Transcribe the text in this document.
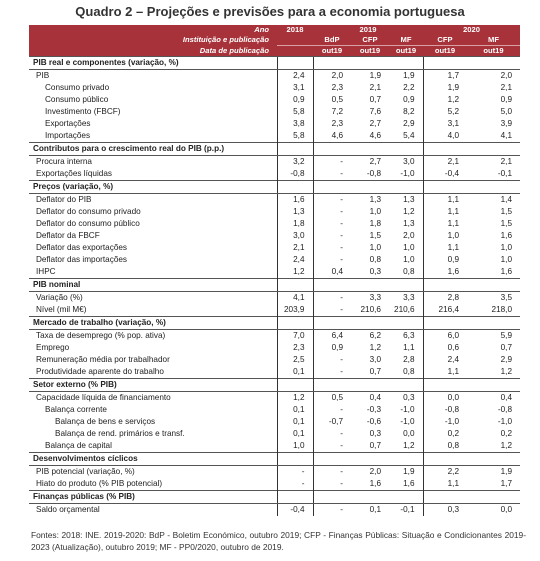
Quadro 2 – Projeções e previsões para a economia portuguesa
Ano	2018	2019			2020	
Instituição e publicação		BdP	CFP	MF	CFP	MF
Data de publicação		out19	out19	out19	out19	out19
PIB real e componentes (variação, %)						
PIB	2,4	2,0	1,9	1,9	1,7	2,0
Consumo privado	3,1	2,3	2,1	2,2	1,9	2,1
Consumo público	0,9	0,5	0,7	0,9	1,2	0,9
Investimento (FBCF)	5,8	7,2	7,6	8,2	5,2	5,0
Exportações	3,8	2,3	2,7	2,9	3,1	3,9
Importações	5,8	4,6	4,6	5,4	4,0	4,1
Contributos para o crescimento real do PIB (p.p.)						
Procura interna	3,2	-	2,7	3,0	2,1	2,1
Exportações líquidas	-0,8	-	-0,8	-1,0	-0,4	-0,1
Preços (variação, %)						
Deflator do PIB	1,6	-	1,3	1,3	1,1	1,4
Deflator do consumo privado	1,3	-	1,0	1,2	1,1	1,5
Deflator do consumo público	1,8	-	1,8	1,3	1,1	1,5
Deflator da FBCF	3,0	-	1,5	2,0	1,0	1,6
Deflator das exportações	2,1	-	1,0	1,0	1,1	1,0
Deflator das importações	2,4	-	0,8	1,0	0,9	1,0
IHPC	1,2	0,4	0,3	0,8	1,6	1,6
PIB nominal						
Variação (%)	4,1	-	3,3	3,3	2,8	3,5
Nível (mil M€)	203,9	-	210,6	210,6	216,4	218,0
Mercado de trabalho (variação, %)						
Taxa de desemprego (% pop. ativa)	7,0	6,4	6,2	6,3	6,0	5,9
Emprego	2,3	0,9	1,2	1,1	0,6	0,7
Remuneração média por trabalhador	2,5	-	3,0	2,8	2,4	2,9
Produtividade aparente do trabalho	0,1	-	0,7	0,8	1,1	1,2
Setor externo (% PIB)						
Capacidade líquida de financiamento	1,2	0,5	0,4	0,3	0,0	0,4
Balança corrente	0,1	-	-0,3	-1,0	-0,8	-0,8
Balança de bens e serviços	0,1	-0,7	-0,6	-1,0	-1,0	-1,0
Balança de rend. primários e transf.	0,1	-	0,3	0,0	0,2	0,2
Balança de capital	1,0	-	0,7	1,2	0,8	1,2
Desenvolvimentos cíclicos						
PIB potencial (variação, %)	-	-	2,0	1,9	2,2	1,9
Hiato do produto (% PIB potencial)	-	-	1,6	1,6	1,1	1,7
Finanças públicas (% PIB)						
Saldo orçamental	-0,4	-	0,1	-0,1	0,3	0,0
Fontes: 2018: INE. 2019-2020: BdP - Boletim Económico, outubro 2019; CFP - Finanças Públicas: Situação e Condicionantes 2019-2023 (Atualização), outubro 2019; MF - PP0/2020, outubro de 2019.
